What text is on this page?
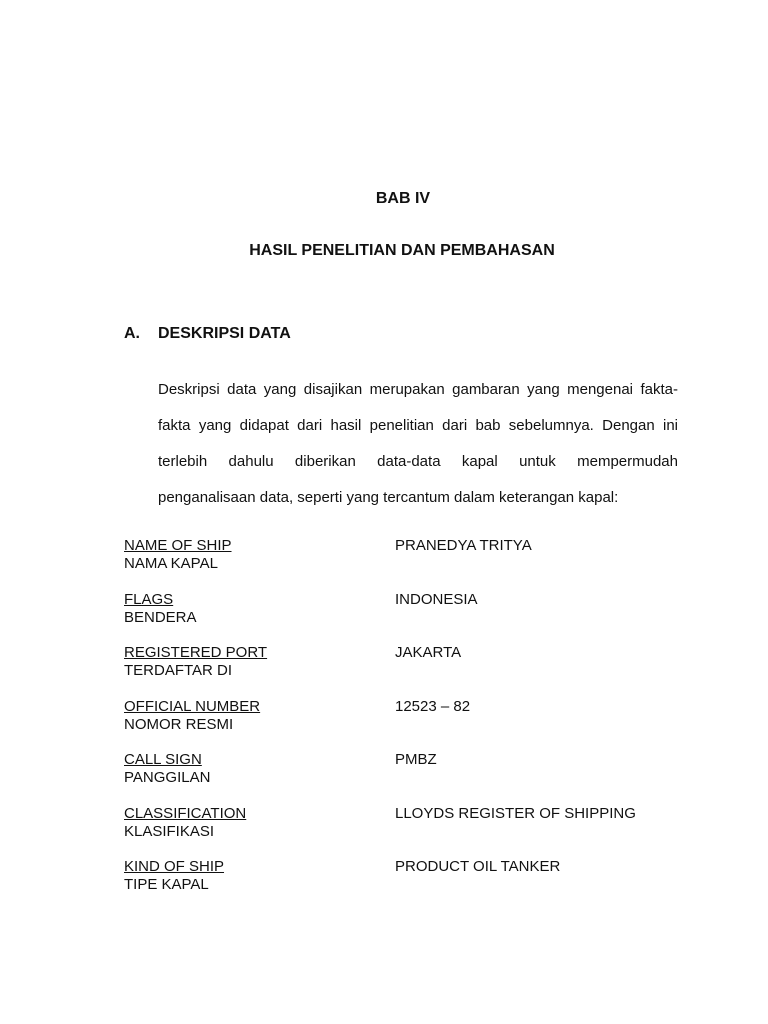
BAB IV
HASIL PENELITIAN DAN PEMBAHASAN
A. DESKRIPSI DATA
Deskripsi data yang disajikan merupakan gambaran yang mengenai fakta-
fakta yang didapat dari hasil penelitian dari bab sebelumnya. Dengan ini
terlebih dahulu diberikan data-data kapal untuk mempermudah
penganalisaan data, seperti yang tercantum dalam keterangan kapal:
NAME OF SHIP
NAMA KAPAL
PRANEDYA TRITYA
FLAGS
BENDERA
INDONESIA
REGISTERED PORT
TERDAFTAR DI
JAKARTA
OFFICIAL NUMBER
NOMOR RESMI
12523 – 82
CALL SIGN
PANGGILAN
PMBZ
CLASSIFICATION
KLASIFIKASI
LLOYDS REGISTER OF SHIPPING
KIND OF SHIP
TIPE KAPAL
PRODUCT OIL TANKER
